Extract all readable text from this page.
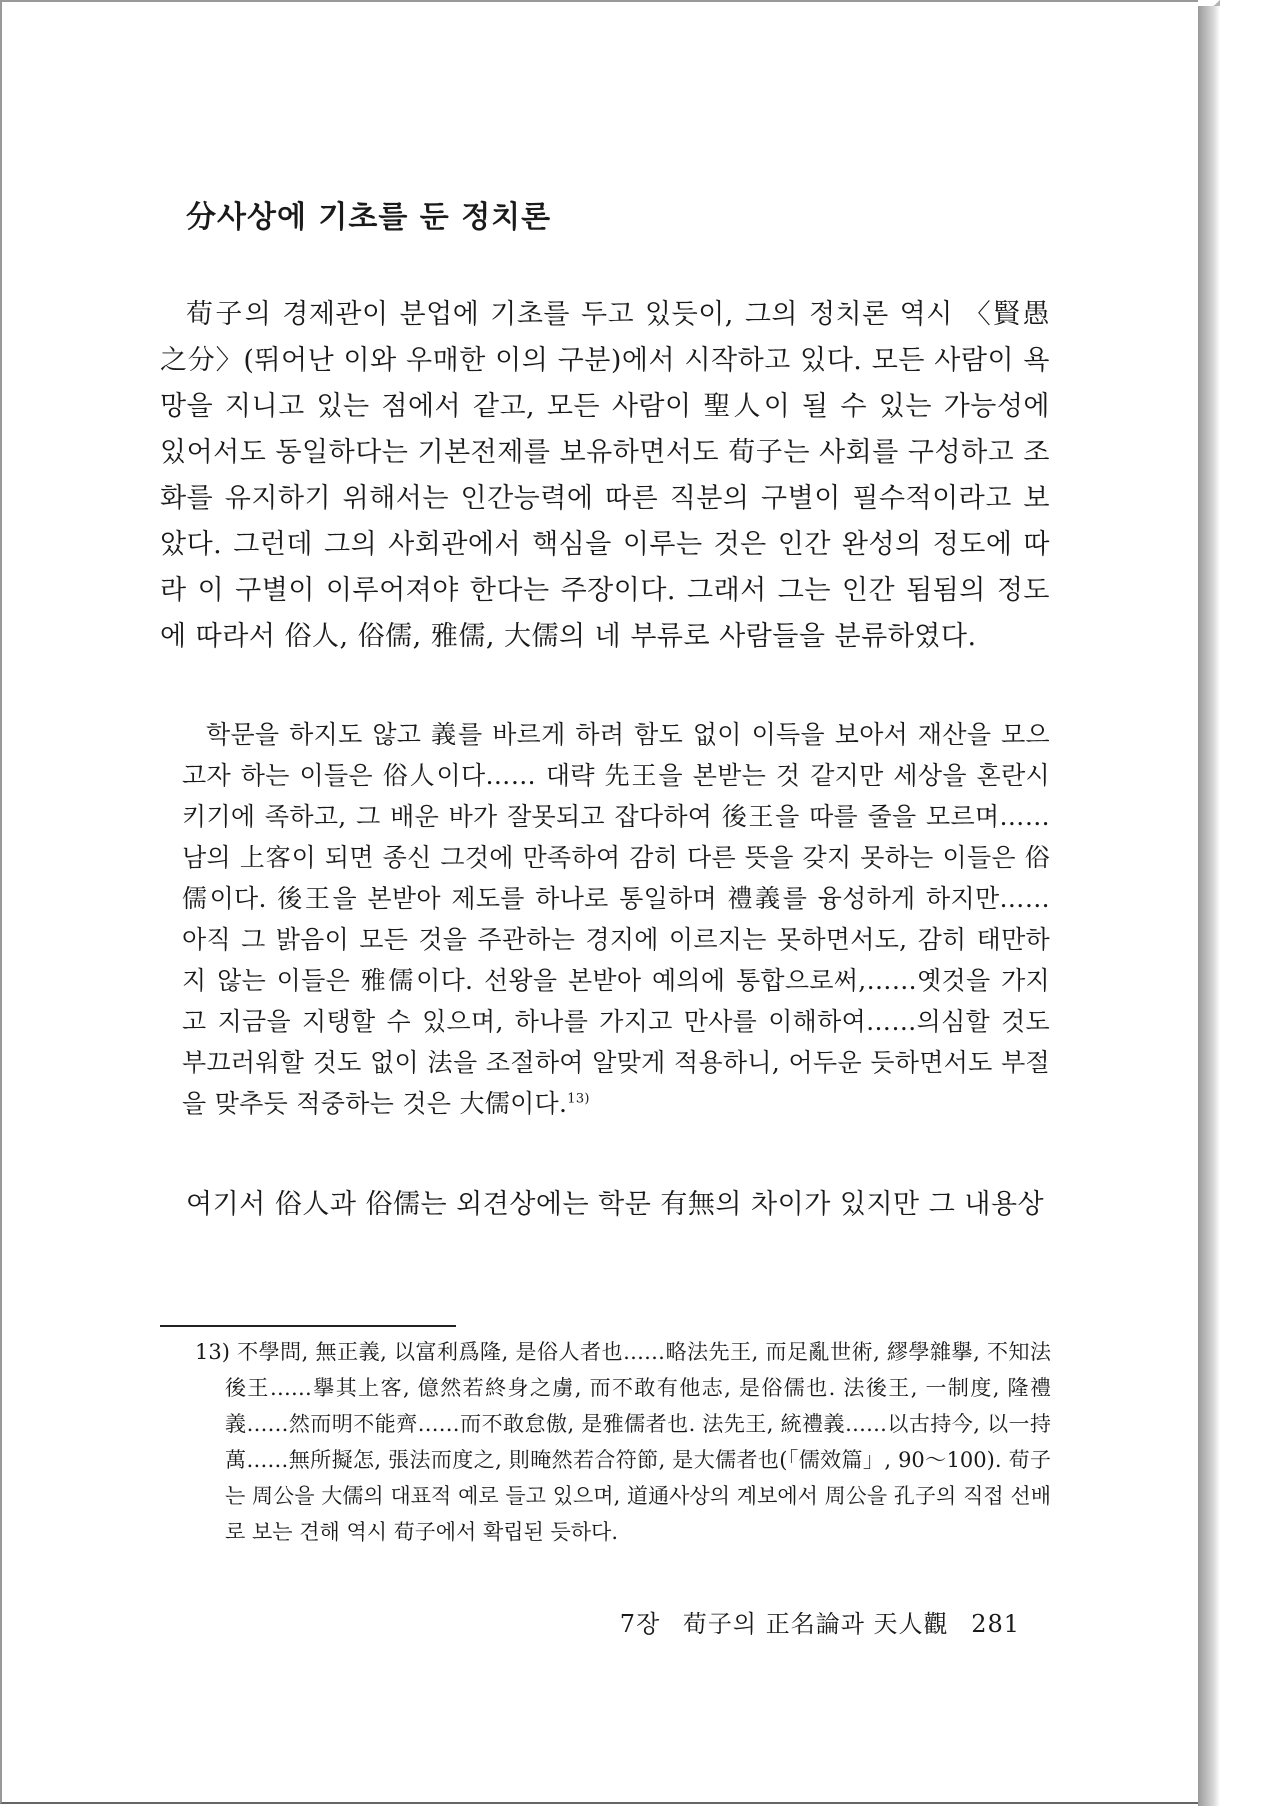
分사상에 기초를 둔 정치론

荀子의 경제관이 분업에 기초를 두고 있듯이, 그의 정치론 역시 〈賢愚之分〉(뛰어난 이와 우매한 이의 구분)에서 시작하고 있다. 모든 사람이 욕망을 지니고 있는 점에서 같고, 모든 사람이 聖人이 될 수 있는 가능성에 있어서도 동일하다는 기본전제를 보유하면서도 荀子는 사회를 구성하고 조화를 유지하기 위해서는 인간능력에 따른 직분의 구별이 필수적이라고 보았다. 그런데 그의 사회관에서 핵심을 이루는 것은 인간 완성의 정도에 따라 이 구별이 이루어져야 한다는 주장이다. 그래서 그는 인간 됨됨의 정도에 따라서 俗人, 俗儒, 雅儒, 大儒의 네 부류로 사람들을 분류하였다.

학문을 하지도 않고 義를 바르게 하려 함도 없이 이득을 보아서 재산을 모으고자 하는 이들은 俗人이다…… 대략 先王을 본받는 것 같지만 세상을 혼란시키기에 족하고, 그 배운 바가 잘못되고 잡다하여 後王을 따를 줄을 모르며…… 남의 上客이 되면 종신 그것에 만족하여 감히 다른 뜻을 갖지 못하는 이들은 俗儒이다. 後王을 본받아 제도를 하나로 통일하며 禮義를 융성하게 하지만…… 아직 그 밝음이 모든 것을 주관하는 경지에 이르지는 못하면서도, 감히 태만하지 않는 이들은 雅儒이다. 선왕을 본받아 예의에 통합으로써,……옛것을 가지고 지금을 지탱할 수 있으며, 하나를 가지고 만사를 이해하여……의심할 것도 부끄러워할 것도 없이 法을 조절하여 알맞게 적용하니, 어두운 듯하면서도 부절을 맞추듯 적중하는 것은 大儒이다.$^{13)}$

여기서 俗人과 俗儒는 외견상에는 학문 有無의 차이가 있지만 그 내용상

13) 不學問, 無正義, 以富利爲隆, 是俗人者也……略法先王, 而足亂世術, 繆學雜擧, 不知法後王……擧其上客, 億然若終身之虜, 而不敢有他志, 是俗儒也. 法後王, 一制度, 隆禮義……然而明不能齊……而不敢怠傲, 是雅儒者也. 法先王, 統禮義……以古持今, 以一持萬……無所擬怎, 張法而度之, 則晻然若合符節, 是大儒者也(「儒效篇」, 90～100). 荀子는 周公을 大儒의 대표적 예로 들고 있으며, 道通사상의 계보에서 周公을 孔子의 직접 선배로 보는 견해 역시 荀子에서 확립된 듯하다.
7장 荀子의 正名論과 天人觀 281
